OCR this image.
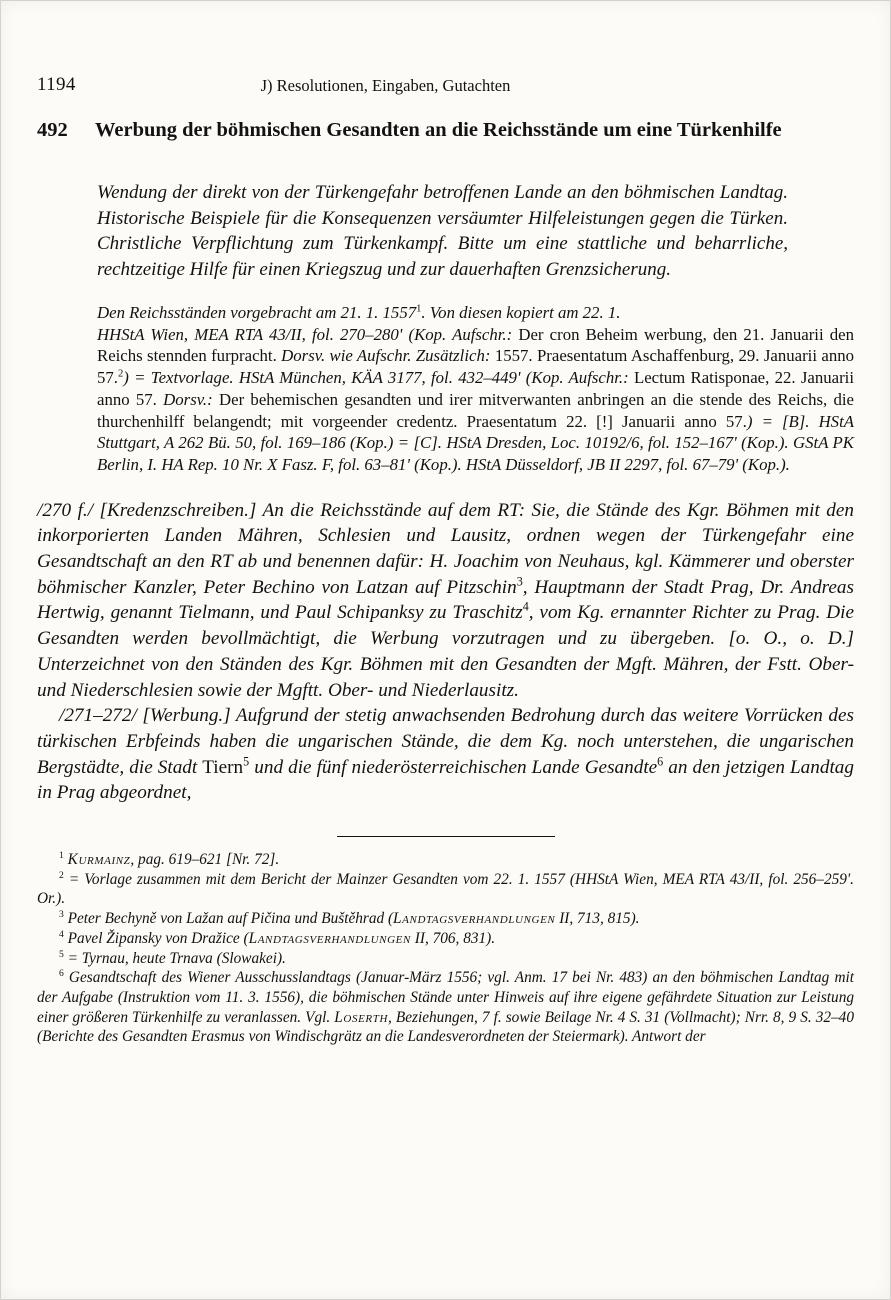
1194	J) Resolutionen, Eingaben, Gutachten
492	Werbung der böhmischen Gesandten an die Reichsstände um eine Türkenhilfe

Wendung der direkt von der Türkengefahr betroffenen Lande an den böhmischen Landtag. Historische Beispiele für die Konsequenzen versäumter Hilfeleistungen gegen die Türken. Christliche Verpflichtung zum Türkenkampf. Bitte um eine stattliche und beharrliche, rechtzeitige Hilfe für einen Kriegszug und zur dauerhaften Grenzsicherung.

Den Reichsständen vorgebracht am 21. 1. 1557$^1$. Von diesen kopiert am 22. 1.
HHStA Wien, MEA RTA 43/II, fol. 270–280' (Kop. Aufschr.: Der cron Beheim werbung, den 21. Januarii den Reichs stennden furpracht. Dorsv. wie Aufschr. Zusätzlich: 1557. Praesentatum Aschaffenburg, 29. Januarii anno 57.$^2$) = Textvorlage. HStA München, KÄA 3177, fol. 432–449' (Kop. Aufschr.: Lectum Ratisponae, 22. Januarii anno 57. Dorsv.: Der behemischen gesandten und irer mitverwanten anbringen an die stende des Reichs, die thurchenhilff belangendt; mit vorgeender credentz. Praesentatum 22. [!] Januarii anno 57.) = [B]. HStA Stuttgart, A 262 Bü. 50, fol. 169–186 (Kop.) = [C]. HStA Dresden, Loc. 10192/6, fol. 152–167' (Kop.). GStA PK Berlin, I. HA Rep. 10 Nr. X Fasz. F, fol. 63–81' (Kop.). HStA Düsseldorf, JB II 2297, fol. 67–79' (Kop.).

/270 f./ [Kredenzschreiben.] An die Reichsstände auf dem RT: Sie, die Stände des Kgr. Böhmen mit den inkorporierten Landen Mähren, Schlesien und Lausitz, ordnen wegen der Türkengefahr eine Gesandtschaft an den RT ab und benennen dafür: H. Joachim von Neuhaus, kgl. Kämmerer und oberster böhmischer Kanzler, Peter Bechino von Latzan auf Pitzschin$^3$, Hauptmann der Stadt Prag, Dr. Andreas Hertwig, genannt Tielmann, und Paul Schipanksy zu Traschitz$^4$, vom Kg. ernannter Richter zu Prag. Die Gesandten werden bevollmächtigt, die Werbung vorzutragen und zu übergeben. [o. O., o. D.] Unterzeichnet von den Ständen des Kgr. Böhmen mit den Gesandten der Mgft. Mähren, der Fstt. Ober- und Niederschlesien sowie der Mgftt. Ober- und Niederlausitz.

/271–272/ [Werbung.] Aufgrund der stetig anwachsenden Bedrohung durch das weitere Vorrücken des türkischen Erbfeinds haben die ungarischen Stände, die dem Kg. noch unterstehen, die ungarischen Bergstädte, die Stadt Tiern$^5$ und die fünf niederösterreichischen Lande Gesandte$^6$ an den jetzigen Landtag in Prag abgeordnet,

$^1$ Kurmainz, pag. 619–621 [Nr. 72].

$^2$ = Vorlage zusammen mit dem Bericht der Mainzer Gesandten vom 22. 1. 1557 (HHStA Wien, MEA RTA 43/II, fol. 256–259'. Or.).

$^3$ Peter Bechyně von Lažan auf Pičina und Buštěhrad (Landtagsverhandlungen II, 713, 815).

$^4$ Pavel Žipansky von Dražice (Landtagsverhandlungen II, 706, 831).

$^5$ = Tyrnau, heute Trnava (Slowakei).

$^6$ Gesandtschaft des Wiener Ausschusslandtags (Januar-März 1556; vgl. Anm. 17 bei Nr. 483) an den böhmischen Landtag mit der Aufgabe (Instruktion vom 11. 3. 1556), die böhmischen Stände unter Hinweis auf ihre eigene gefährdete Situation zur Leistung einer größeren Türkenhilfe zu veranlassen. Vgl. Loserth, Beziehungen, 7 f. sowie Beilage Nr. 4 S. 31 (Vollmacht); Nrr. 8, 9 S. 32–40 (Berichte des Gesandten Erasmus von Windischgrätz an die Landesverordneten der Steiermark). Antwort der
